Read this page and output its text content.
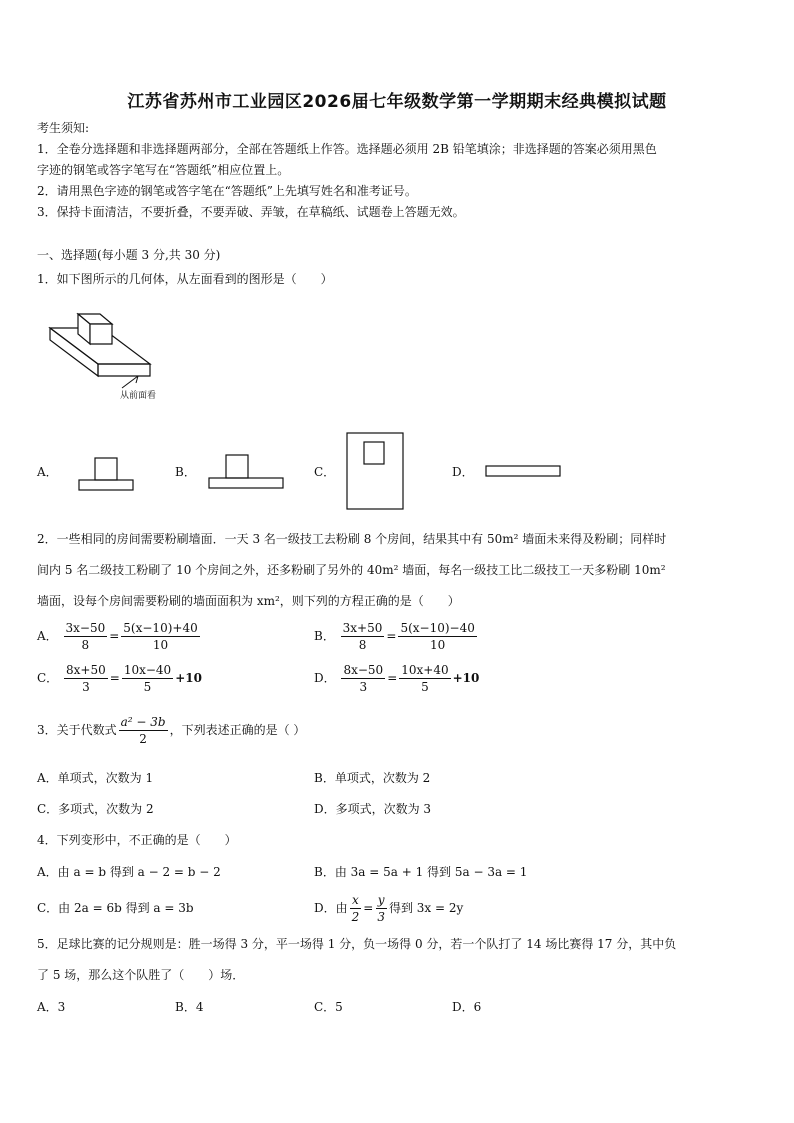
江苏省苏州市工业园区2026届七年级数学第一学期期末经典模拟试题
考生须知:
1．全卷分选择题和非选择题两部分，全部在答题纸上作答。选择题必须用 2B 铅笔填涂；非选择题的答案必须用黑色
字迹的钢笔或答字笔写在“答题纸”相应位置上。
2．请用黑色字迹的钢笔或答字笔在“答题纸”上先填写姓名和准考证号。
3．保持卡面清洁，不要折叠，不要弄破、弄皱，在草稿纸、试题卷上答题无效。
一、选择题(每小题 3 分,共 30 分)
1．如下图所示的几何体，从左面看到的图形是（　　）
从前面看
A．	B．	C．	D．
2．一些相同的房间需要粉刷墙面．一天 3 名一级技工去粉刷 8 个房间，结果其中有 50m² 墙面未来得及粉刷；同样时
间内 5 名二级技工粉刷了 10 个房间之外，还多粉刷了另外的 40m² 墙面，每名一级技工比二级技工一天多粉刷 10m²
墙面，设每个房间需要粉刷的墙面面积为 xm²，则下列的方程正确的是（　　）
A． $\frac{3x-50}{8} = \frac{5(x-10)+40}{10}$	B． $\frac{3x+50}{8} = \frac{5(x-10)-40}{10}$
C． $\frac{8x+50}{3} = \frac{10x-40}{5} +10$	D． $\frac{8x-50}{3} = \frac{10x+40}{5} +10$
3．关于代数式 $\frac{\text{a² − 3b}}{2}$ ，下列表述正确的是（ ）
A．单项式，次数为 1	B．单项式，次数为 2
C．多项式，次数为 2	D．多项式，次数为 3
4．下列变形中，不正确的是（　　）
A．由 a = b 得到 a − 2 = b − 2	B．由 3a = 5a + 1 得到 5a − 3a = 1
C．由 2a = 6b 得到 a = 3b	D．由 $\frac{x}{2} = \frac{y}{3}$ 得到 3x = 2y
5．足球比赛的记分规则是：胜一场得 3 分，平一场得 1 分，负一场得 0 分，若一个队打了 14 场比赛得 17 分，其中负
了 5 场，那么这个队胜了（　　）场．
A．3	B．4	C．5	D．6
